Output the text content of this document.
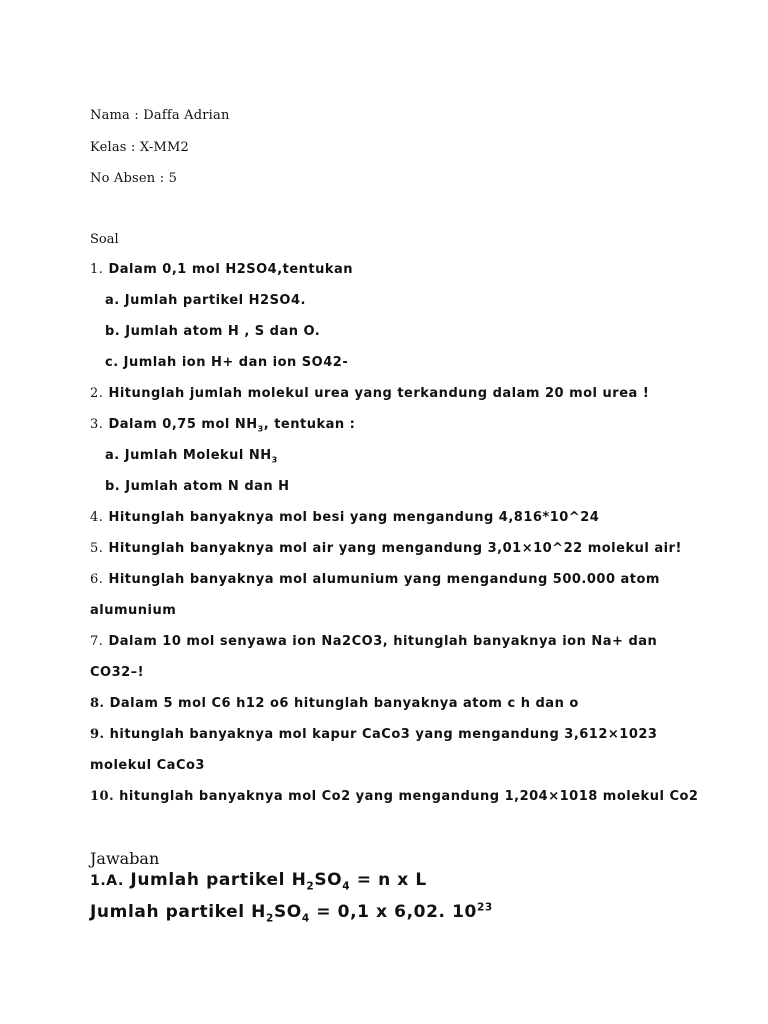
Nama : Daffa Adrian
Kelas : X-MM2
No Absen : 5
Soal
1. Dalam 0,1 mol H2SO4,tentukan
a. Jumlah partikel H2SO4.
b. Jumlah atom H , S dan O.
c. Jumlah ion H+ dan ion SO42-
2. Hitunglah jumlah molekul urea yang terkandung dalam 20 mol urea !
3. Dalam 0,75 mol $NH_3$, tentukan :
a. Jumlah Molekul $NH_3$
b. Jumlah atom N dan H
4. Hitunglah banyaknya mol besi yang mengandung 4,816*10^24
5. Hitunglah banyaknya mol air yang mengandung 3,01×10^22 molekul air!
6. Hitunglah banyaknya mol alumunium yang mengandung 500.000 atom
alumunium
7. Dalam 10 mol senyawa ion Na2CO3, hitunglah banyaknya ion Na+ dan
CO32–!
8. Dalam 5 mol C6 h12 o6 hitunglah banyaknya atom c h dan o
9. hitunglah banyaknya mol kapur CaCo3 yang mengandung 3,612×1023
molekul CaCo3
10. hitunglah banyaknya mol Co2 yang mengandung 1,204×1018 molekul Co2
Jawaban
1.A. Jumlah partikel $H_2SO_4 = n$ x L
Jumlah partikel $H_2SO_4 = 0,1$ x 6,02. $10^{23}$
